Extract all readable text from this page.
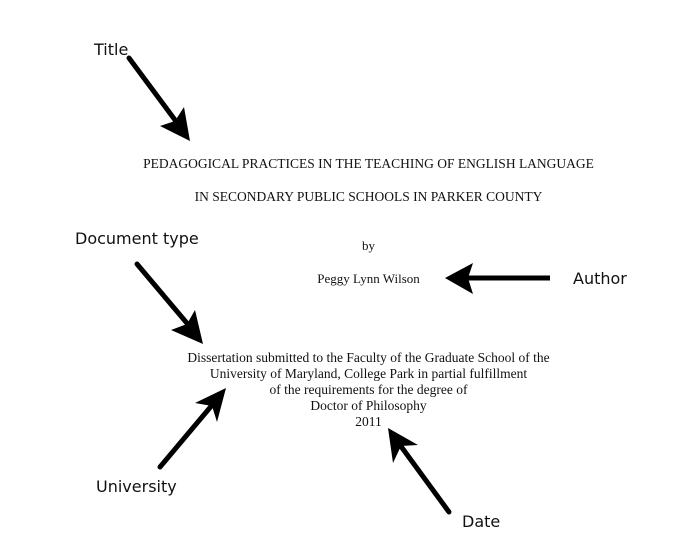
Title
Document type
Author
University
Date
PEDAGOGICAL PRACTICES IN THE TEACHING OF ENGLISH LANGUAGE
IN SECONDARY PUBLIC SCHOOLS IN PARKER COUNTY
by
Peggy Lynn Wilson
Dissertation submitted to the Faculty of the Graduate School of the
University of Maryland, College Park in partial fulfillment
of the requirements for the degree of
Doctor of Philosophy
2011
